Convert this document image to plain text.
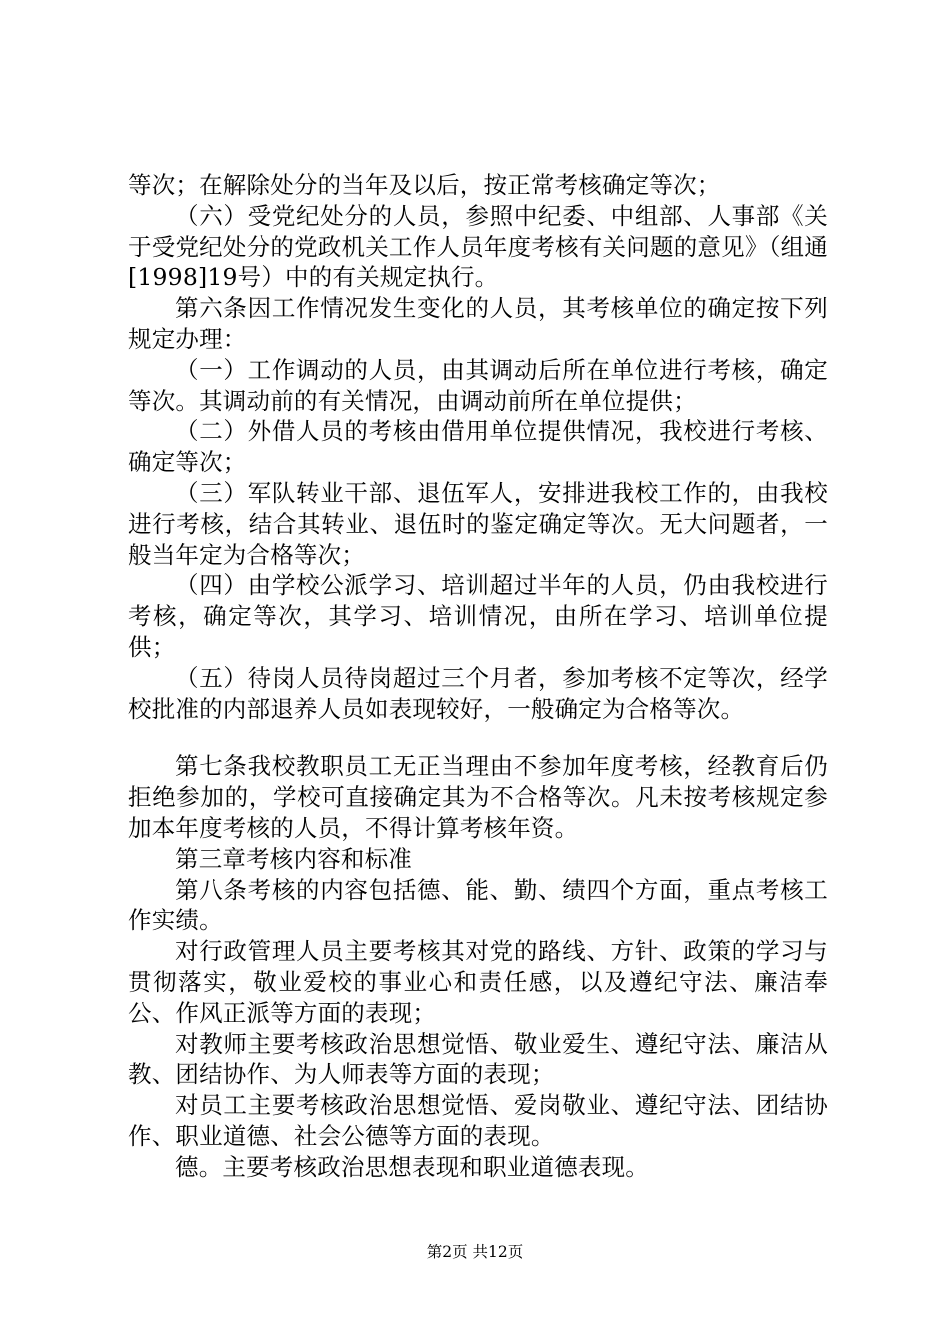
等次；在解除处分的当年及以后，按正常考核确定等次；

（六）受党纪处分的人员，参照中纪委、中组部、人事部《关于受党纪处分的党政机关工作人员年度考核有关问题的意见》（组通[1998]19号）中的有关规定执行。

第六条因工作情况发生变化的人员，其考核单位的确定按下列规定办理：

（一）工作调动的人员，由其调动后所在单位进行考核，确定等次。其调动前的有关情况，由调动前所在单位提供；

（二）外借人员的考核由借用单位提供情况，我校进行考核、确定等次；

（三）军队转业干部、退伍军人，安排进我校工作的，由我校进行考核，结合其转业、退伍时的鉴定确定等次。无大问题者，一般当年定为合格等次；

（四）由学校公派学习、培训超过半年的人员，仍由我校进行考核，确定等次，其学习、培训情况，由所在学习、培训单位提供；

（五）待岗人员待岗超过三个月者，参加考核不定等次，经学校批准的内部退养人员如表现较好，一般确定为合格等次。

第七条我校教职员工无正当理由不参加年度考核，经教育后仍拒绝参加的，学校可直接确定其为不合格等次。凡未按考核规定参加本年度考核的人员，不得计算考核年资。

第三章考核内容和标准

第八条考核的内容包括德、能、勤、绩四个方面，重点考核工作实绩。

对行政管理人员主要考核其对党的路线、方针、政策的学习与贯彻落实，敬业爱校的事业心和责任感，以及遵纪守法、廉洁奉公、作风正派等方面的表现；

对教师主要考核政治思想觉悟、敬业爱生、遵纪守法、廉洁从教、团结协作、为人师表等方面的表现；

对员工主要考核政治思想觉悟、爱岗敬业、遵纪守法、团结协作、职业道德、社会公德等方面的表现。

德。主要考核政治思想表现和职业道德表现。

第2页 共12页
